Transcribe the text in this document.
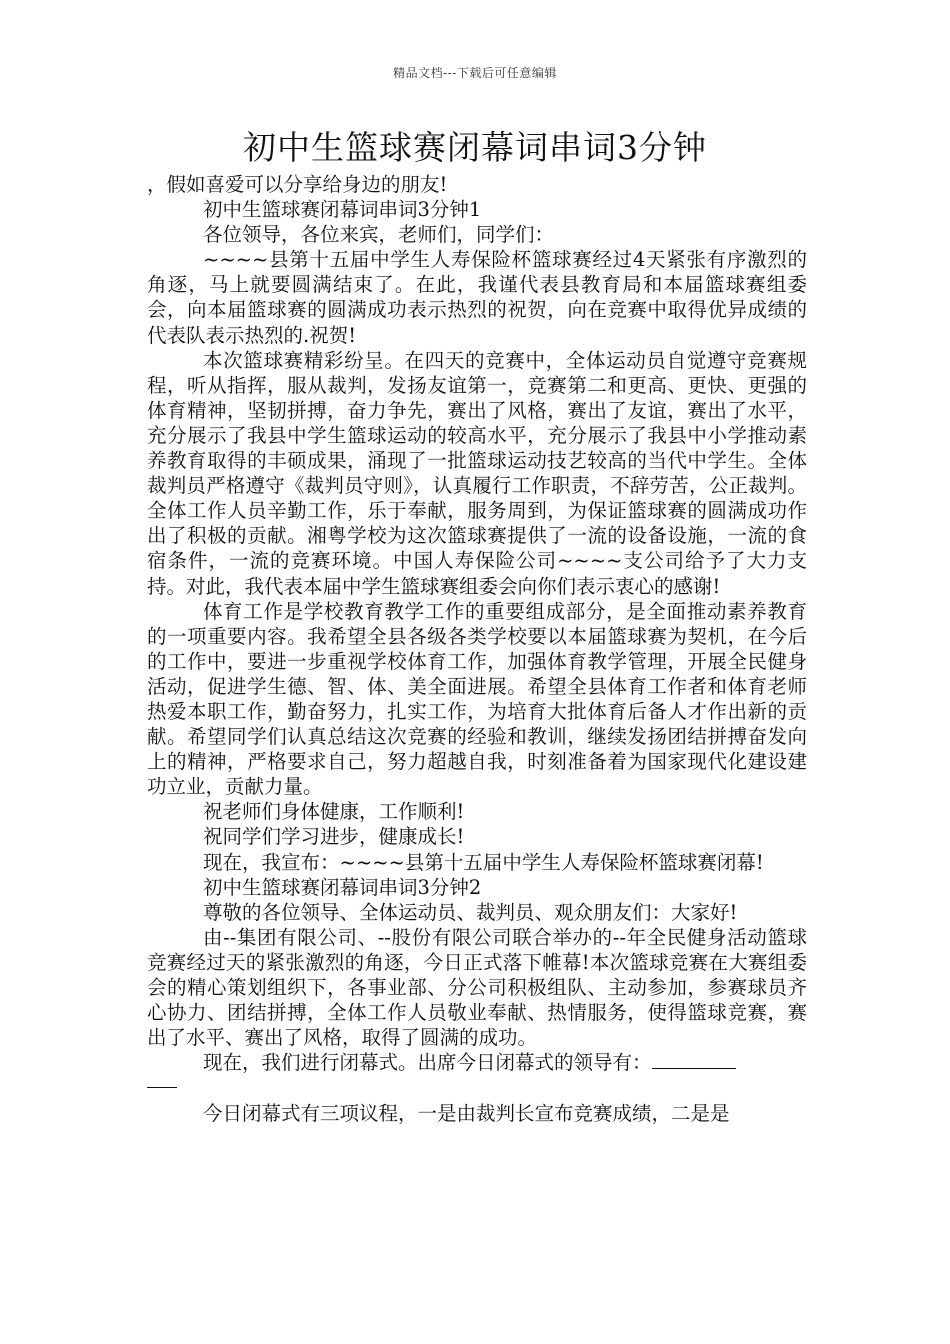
精品文档---下载后可任意编辑
初中生篮球赛闭幕词串词3分钟

，假如喜爱可以分享给身边的朋友!

初中生篮球赛闭幕词串词3分钟1

各位领导，各位来宾，老师们，同学们：

~~~~县第十五届中学生人寿保险杯篮球赛经过4天紧张有序激烈的角逐，马上就要圆满结束了。在此，我谨代表县教育局和本届篮球赛组委会，向本届篮球赛的圆满成功表示热烈的祝贺，向在竞赛中取得优异成绩的代表队表示热烈的.祝贺!

本次篮球赛精彩纷呈。在四天的竞赛中，全体运动员自觉遵守竞赛规程，听从指挥，服从裁判，发扬友谊第一，竞赛第二和更高、更快、更强的体育精神，坚韧拼搏，奋力争先，赛出了风格，赛出了友谊，赛出了水平，充分展示了我县中学生篮球运动的较高水平，充分展示了我县中小学推动素养教育取得的丰硕成果，涌现了一批篮球运动技艺较高的当代中学生。全体裁判员严格遵守《裁判员守则》，认真履行工作职责，不辞劳苦，公正裁判。全体工作人员辛勤工作，乐于奉献，服务周到，为保证篮球赛的圆满成功作出了积极的贡献。湘粤学校为这次篮球赛提供了一流的设备设施，一流的食宿条件，一流的竞赛环境。中国人寿保险公司~~~~支公司给予了大力支持。对此，我代表本届中学生篮球赛组委会向你们表示衷心的感谢!

体育工作是学校教育教学工作的重要组成部分，是全面推动素养教育的一项重要内容。我希望全县各级各类学校要以本届篮球赛为契机，在今后的工作中，要进一步重视学校体育工作，加强体育教学管理，开展全民健身活动，促进学生德、智、体、美全面进展。希望全县体育工作者和体育老师热爱本职工作，勤奋努力，扎实工作，为培育大批体育后备人才作出新的贡献。希望同学们认真总结这次竞赛的经验和教训，继续发扬团结拼搏奋发向上的精神，严格要求自己，努力超越自我，时刻准备着为国家现代化建设建功立业，贡献力量。

祝老师们身体健康，工作顺利!

祝同学们学习进步，健康成长!

现在，我宣布：~~~~县第十五届中学生人寿保险杯篮球赛闭幕!

初中生篮球赛闭幕词串词3分钟2

尊敬的各位领导、全体运动员、裁判员、观众朋友们：大家好!

由--集团有限公司、--股份有限公司联合举办的--年全民健身活动篮球竞赛经过天的紧张激烈的角逐，今日正式落下帷幕!本次篮球竞赛在大赛组委会的精心策划组织下，各事业部、分公司积极组队、主动参加，参赛球员齐心协力、团结拼搏，全体工作人员敬业奉献、热情服务，使得篮球竞赛，赛出了水平、赛出了风格，取得了圆满的成功。

现在，我们进行闭幕式。出席今日闭幕式的领导有：

今日闭幕式有三项议程，一是由裁判长宣布竞赛成绩，二是是
